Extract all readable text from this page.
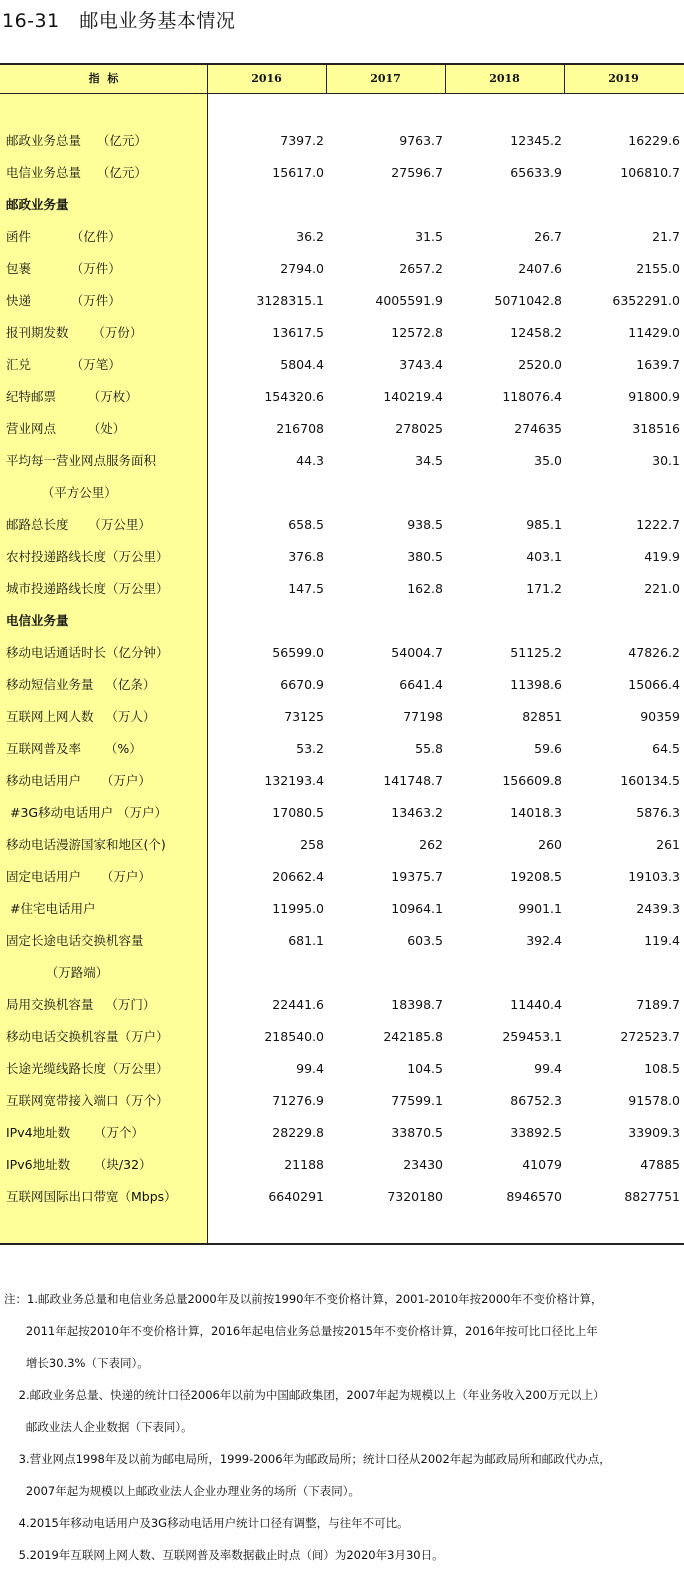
16-31   邮电业务基本情况
指  标	2016	2017	2018	2019
邮政业务总量    （亿元）	7397.2	9763.7	12345.2	16229.6
电信业务总量    （亿元）	15617.0	27596.7	65633.9	106810.7
邮政业务量
函件          （亿件）	36.2	31.5	26.7	21.7
包裹          （万件）	2794.0	2657.2	2407.6	2155.0
快递          （万件）	3128315.1	4005591.9	5071042.8	6352291.0
报刊期发数      （万份）	13617.5	12572.8	12458.2	11429.0
汇兑          （万笔）	5804.4	3743.4	2520.0	1639.7
纪特邮票        （万枚）	154320.6	140219.4	118076.4	91800.9
营业网点        （处）	216708	278025	274635	318516
平均每一营业网点服务面积	44.3	34.5	35.0	30.1
（平方公里）
邮路总长度     （万公里）	658.5	938.5	985.1	1222.7
农村投递路线长度（万公里）	376.8	380.5	403.1	419.9
城市投递路线长度（万公里）	147.5	162.8	171.2	221.0
电信业务量
移动电话通话时长（亿分钟）	56599.0	54004.7	51125.2	47826.2
移动短信业务量   （亿条）	6670.9	6641.4	11398.6	15066.4
互联网上网人数   （万人）	73125	77198	82851	90359
互联网普及率      （%）	53.2	55.8	59.6	64.5
移动电话用户     （万户）	132193.4	141748.7	156609.8	160134.5
#3G移动电话用户 （万户）	17080.5	13463.2	14018.3	5876.3
移动电话漫游国家和地区(个)	258	262	260	261
固定电话用户     （万户）	20662.4	19375.7	19208.5	19103.3
#住宅电话用户	11995.0	10964.1	9901.1	2439.3
固定长途电话交换机容量	681.1	603.5	392.4	119.4
（万路端）
局用交换机容量   （万门）	22441.6	18398.7	11440.4	7189.7
移动电话交换机容量（万户）	218540.0	242185.8	259453.1	272523.7
长途光缆线路长度（万公里）	99.4	104.5	99.4	108.5
互联网宽带接入端口（万个）	71276.9	77599.1	86752.3	91578.0
IPv4地址数      （万个）	28229.8	33870.5	33892.5	33909.3
IPv6地址数      （块/32）	21188	23430	41079	47885
互联网国际出口带宽（Mbps）	6640291	7320180	8946570	8827751
注：1.邮政业务总量和电信业务总量2000年及以前按1990年不变价格计算，2001-2010年按2000年不变价格计算，
2011年起按2010年不变价格计算，2016年起电信业务总量按2015年不变价格计算，2016年按可比口径比上年
增长30.3%（下表同）。
2.邮政业务总量、快递的统计口径2006年以前为中国邮政集团，2007年起为规模以上（年业务收入200万元以上）
邮政业法人企业数据（下表同）。
3.营业网点1998年及以前为邮电局所，1999-2006年为邮政局所；统计口径从2002年起为邮政局所和邮政代办点，
2007年起为规模以上邮政业法人企业办理业务的场所（下表同）。
4.2015年移动电话用户及3G移动电话用户统计口径有调整，与往年不可比。
5.2019年互联网上网人数、互联网普及率数据截止时点（间）为2020年3月30日。
